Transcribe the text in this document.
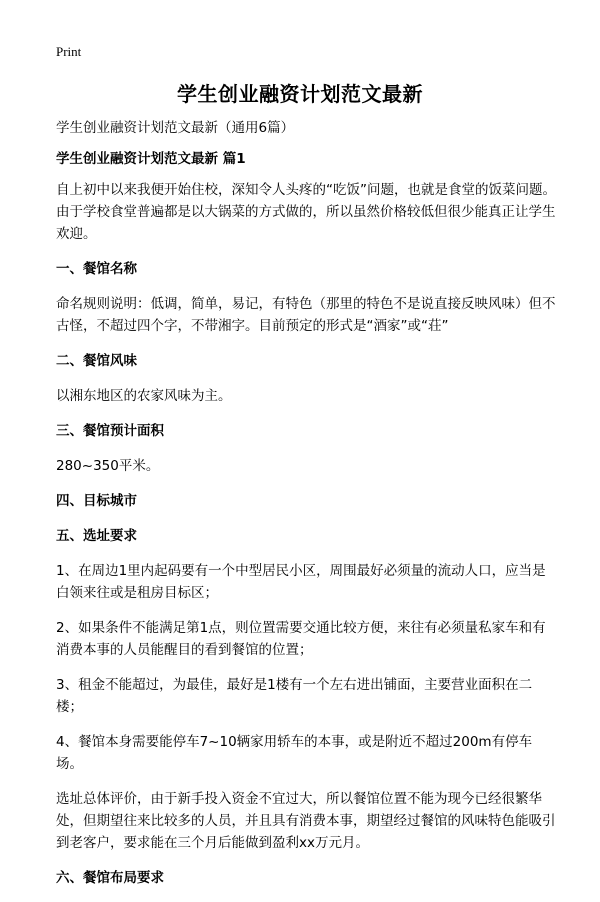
Print
学生创业融资计划范文最新
学生创业融资计划范文最新（通用6篇）
学生创业融资计划范文最新 篇1
自上初中以来我便开始住校，深知令人头疼的“吃饭”问题，也就是食堂的饭菜问题。由于学校食堂普遍都是以大锅菜的方式做的，所以虽然价格较低但很少能真正让学生欢迎。
一、餐馆名称
命名规则说明：低调，简单，易记，有特色（那里的特色不是说直接反映风味）但不古怪，不超过四个字，不带湘字。目前预定的形式是“酒家”或“荘”
二、餐馆风味
以湘东地区的农家风味为主。
三、餐馆预计面积
280~350平米。
四、目标城市
五、选址要求
1、在周边1里内起码要有一个中型居民小区，周围最好必须量的流动人口，应当是白领来往或是租房目标区；
2、如果条件不能满足第1点，则位置需要交通比较方便，来往有必须量私家车和有消费本事的人员能醒目的看到餐馆的位置；
3、租金不能超过，为最佳，最好是1楼有一个左右进出铺面，主要营业面积在二楼；
4、餐馆本身需要能停车7~10辆家用轿车的本事，或是附近不超过200m有停车场。
选址总体评价，由于新手投入资金不宜过大，所以餐馆位置不能为现今已经很繁华处，但期望往来比较多的人员，并且具有消费本事，期望经过餐馆的风味特色能吸引到老客户，要求能在三个月后能做到盈利xx万元月。
六、餐馆布局要求
